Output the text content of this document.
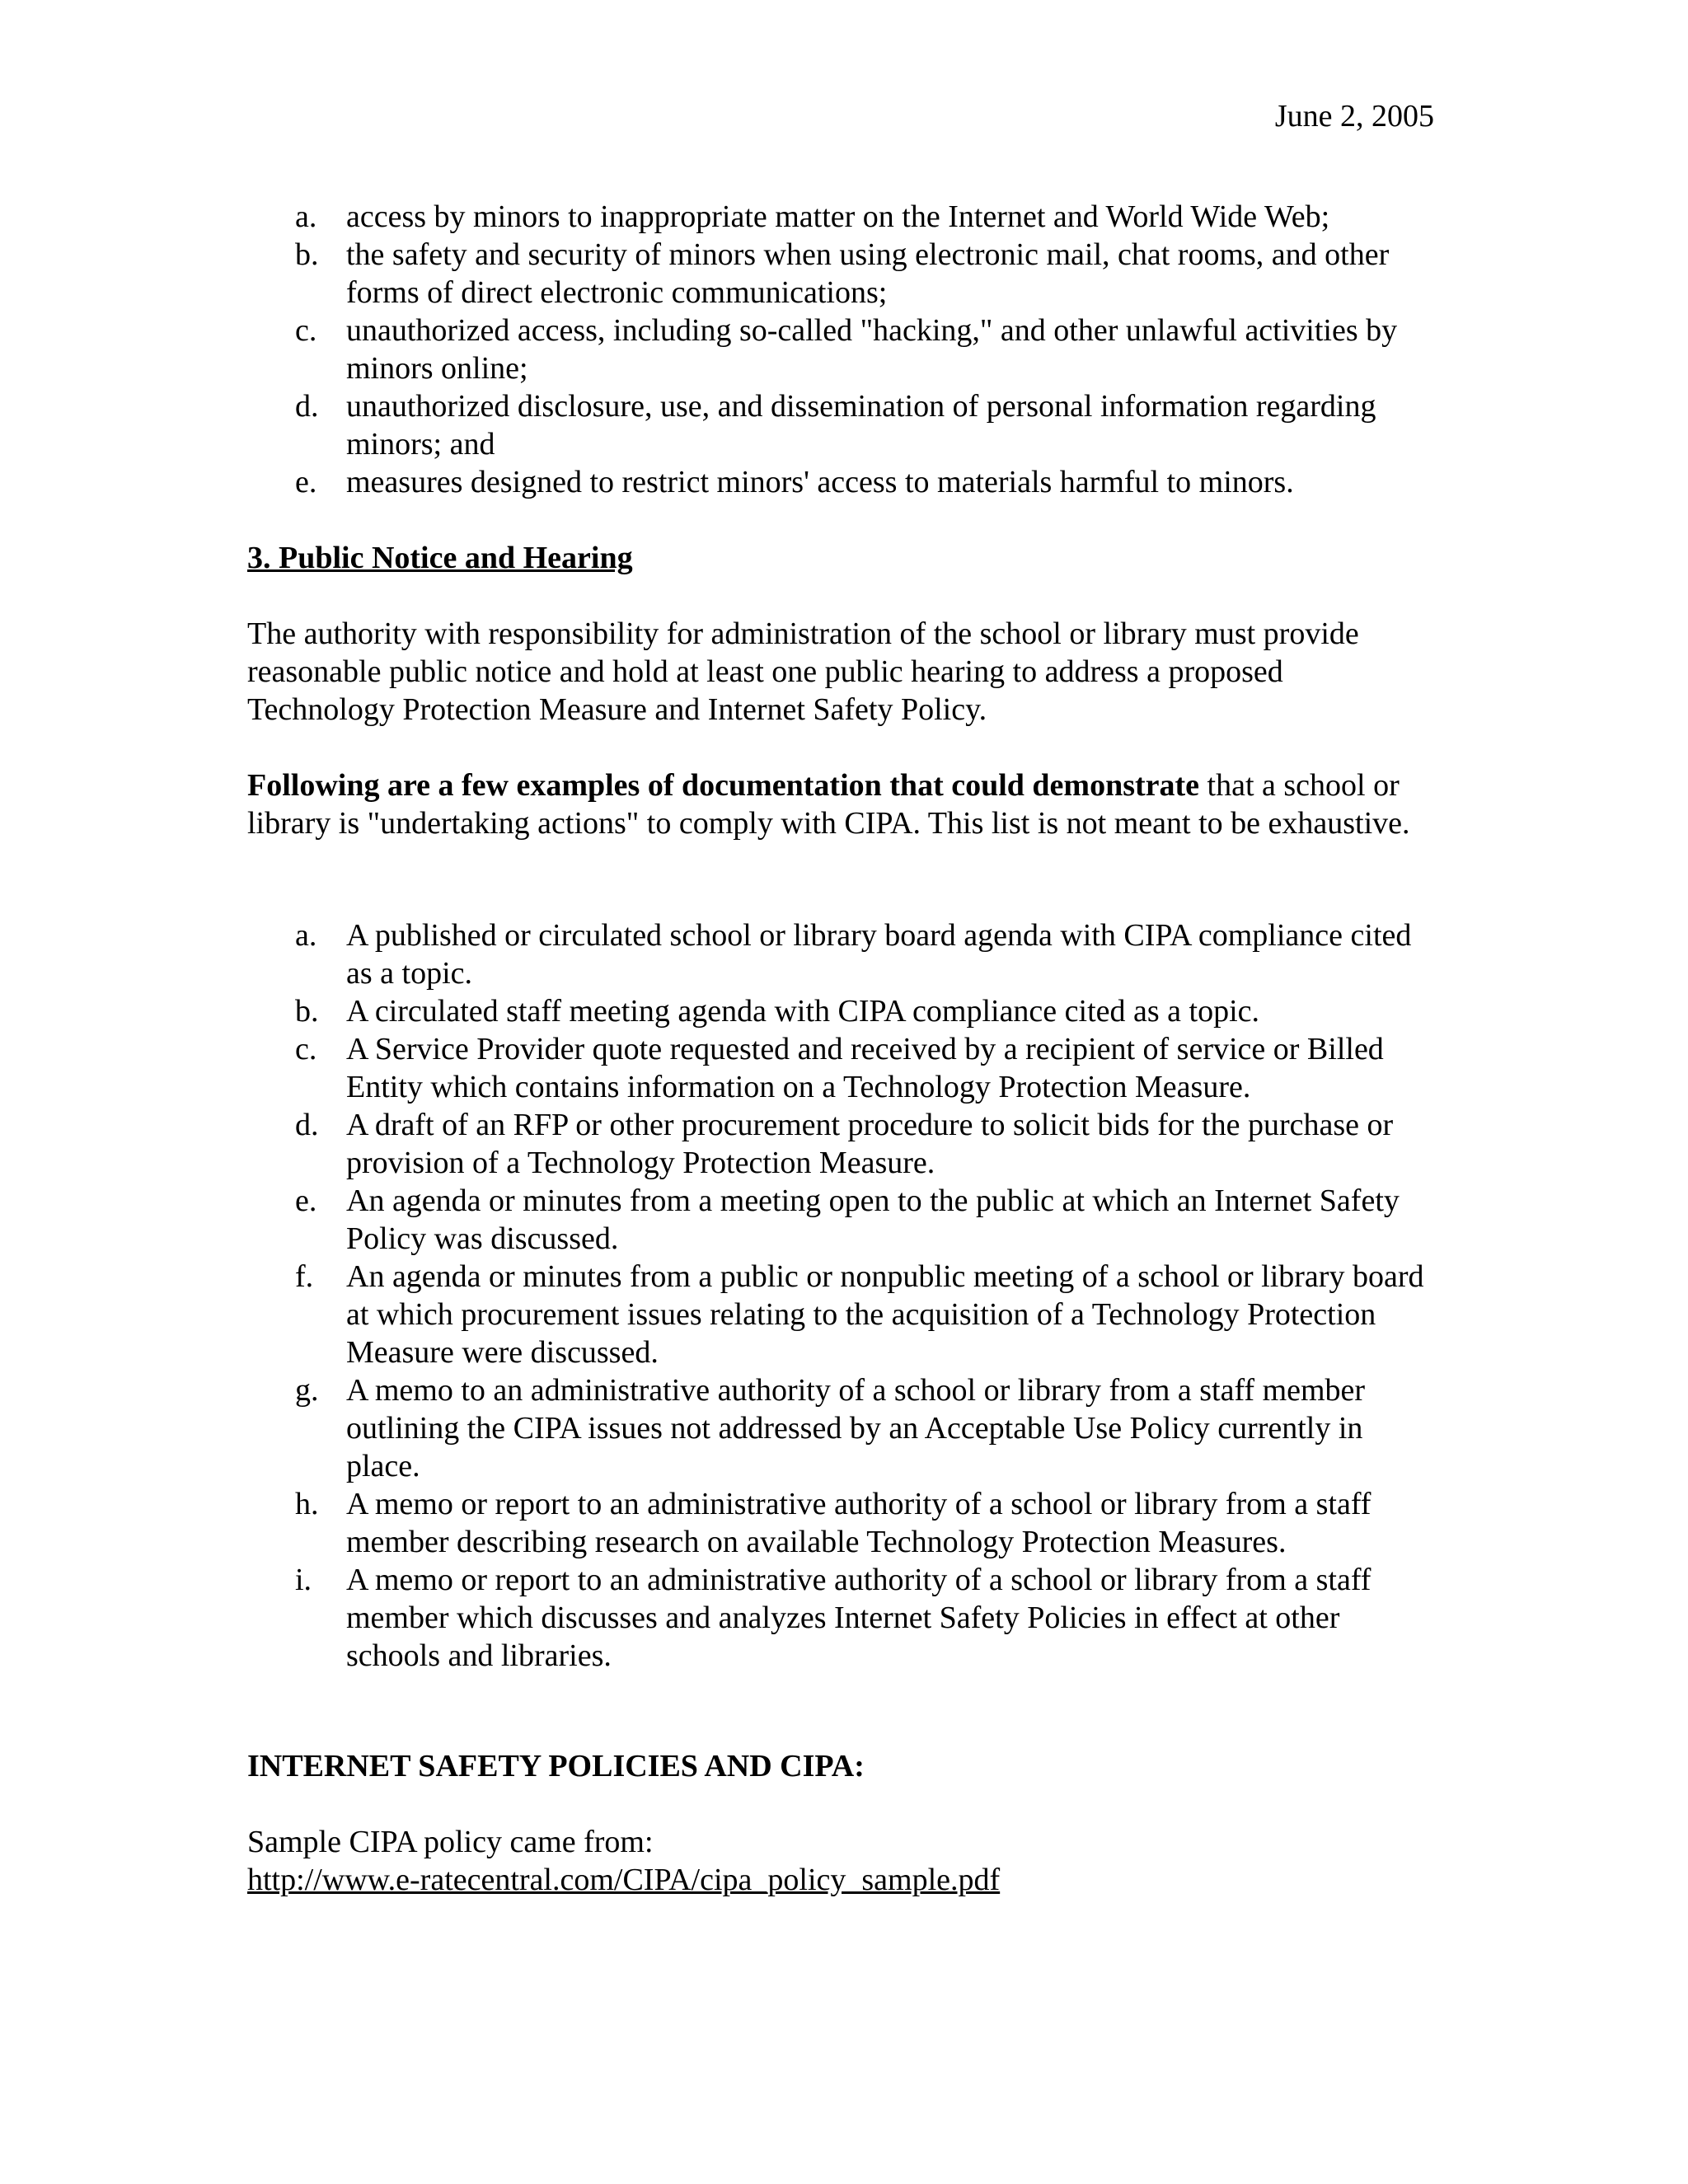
June 2, 2005
a. access by minors to inappropriate matter on the Internet and World Wide Web;
b. the safety and security of minors when using electronic mail, chat rooms, and other forms of direct electronic communications;
c. unauthorized access, including so-called "hacking," and other unlawful activities by minors online;
d. unauthorized disclosure, use, and dissemination of personal information regarding minors; and
e. measures designed to restrict minors' access to materials harmful to minors.
3. Public Notice and Hearing

The authority with responsibility for administration of the school or library must provide reasonable public notice and hold at least one public hearing to address a proposed Technology Protection Measure and Internet Safety Policy.

Following are a few examples of documentation that could demonstrate that a school or library is "undertaking actions" to comply with CIPA. This list is not meant to be exhaustive.

a. A published or circulated school or library board agenda with CIPA compliance cited as a topic.
b. A circulated staff meeting agenda with CIPA compliance cited as a topic.
c. A Service Provider quote requested and received by a recipient of service or Billed Entity which contains information on a Technology Protection Measure.
d. A draft of an RFP or other procurement procedure to solicit bids for the purchase or provision of a Technology Protection Measure.
e. An agenda or minutes from a meeting open to the public at which an Internet Safety Policy was discussed.
f.	An agenda or minutes from a public or nonpublic meeting of a school or library board at which procurement issues relating to the acquisition of a Technology Protection Measure were discussed.
g. A memo to an administrative authority of a school or library from a staff member outlining the CIPA issues not addressed by an Acceptable Use Policy currently in place.
h. A memo or report to an administrative authority of a school or library from a staff member describing research on available Technology Protection Measures.
i.	A memo or report to an administrative authority of a school or library from a staff member which discusses and analyzes Internet Safety Policies in effect at other schools and libraries.
INTERNET SAFETY POLICIES AND CIPA:
Sample CIPA policy came from:
http://www.e-ratecentral.com/CIPA/cipa_policy_sample.pdf
